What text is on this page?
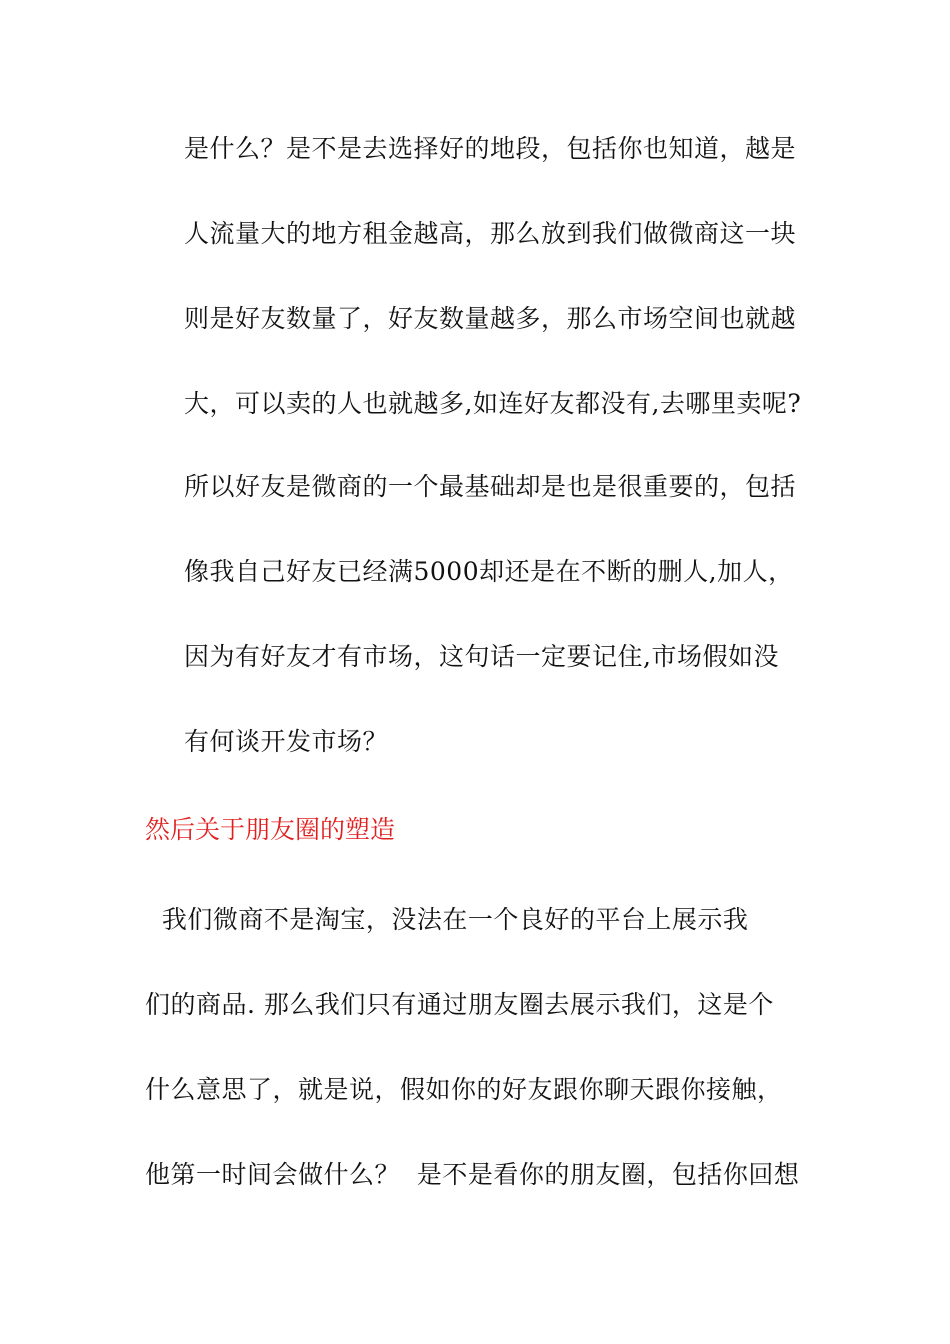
是什么？是不是去选择好的地段，包括你也知道，越是
人流量大的地方租金越高，那么放到我们做微商这一块
则是好友数量了，好友数量越多，那么市场空间也就越
大，可以卖的人也就越多,如连好友都没有,去哪里卖呢?
所以好友是微商的一个最基础却是也是很重要的，包括
像我自己好友已经满5000却还是在不断的删人,加人，
因为有好友才有市场，这句话一定要记住,市场假如没
有何谈开发市场？
然后关于朋友圈的塑造
我们微商不是淘宝，没法在一个良好的平台上展示我
们的商品. 那么我们只有通过朋友圈去展示我们，这是个
什么意思了，就是说，假如你的好友跟你聊天跟你接触，
他第一时间会做什么？  是不是看你的朋友圈，包括你回想
